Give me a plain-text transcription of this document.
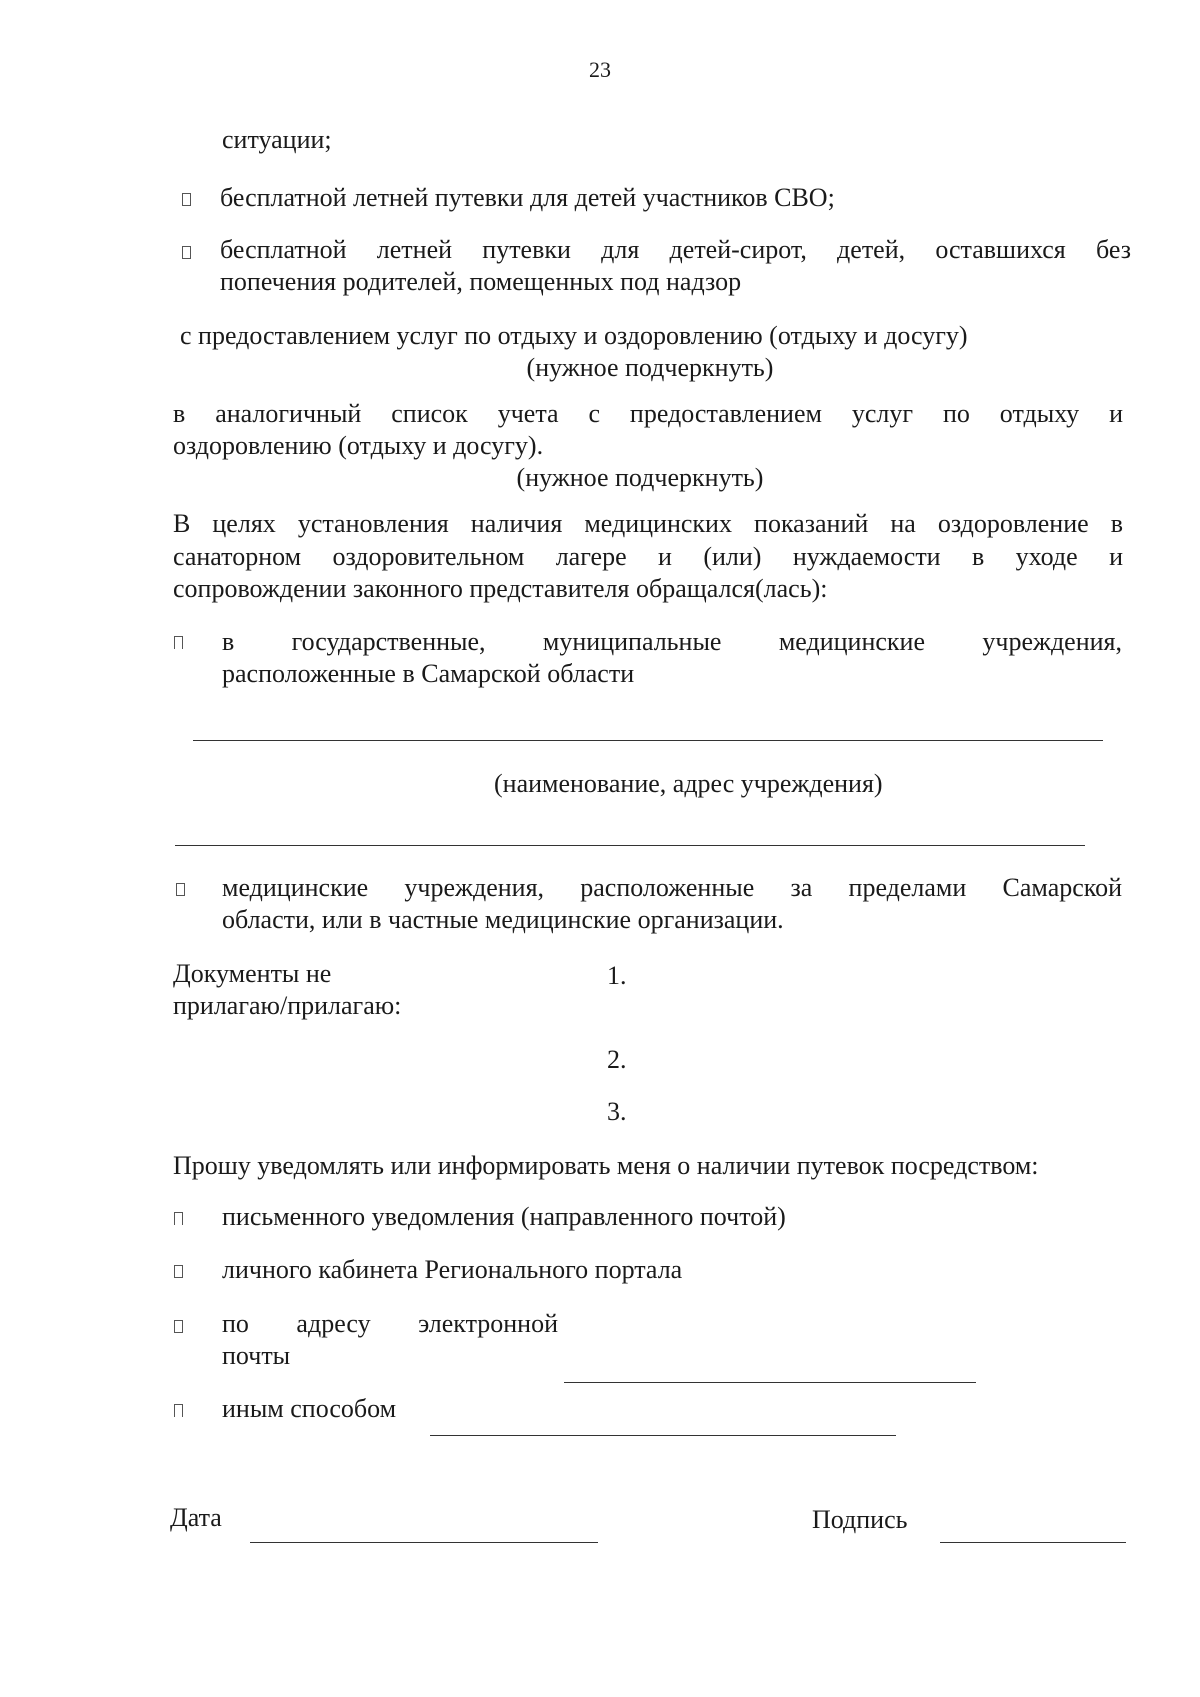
23
ситуации;
бесплатной летней путевки для детей участников СВО;
бесплатной летней путевки для детей-сирот, детей, оставшихся без
попечения родителей, помещенных под надзор
с предоставлением услуг по отдыху и оздоровлению (отдыху и досугу)
(нужное подчеркнуть)
в аналогичный список учета с предоставлением услуг по отдыху и
оздоровлению (отдыху и досугу).
(нужное подчеркнуть)
В целях установления наличия медицинских показаний на оздоровление в
санаторном оздоровительном лагере и (или) нуждаемости в уходе и
сопровождении законного представителя обращался(лась):
в государственные, муниципальные медицинские учреждения,
расположенные в Самарской области
(наименование, адрес учреждения)
медицинские учреждения, расположенные за пределами Самарской
области, или в частные медицинские организации.
Документы не
прилагаю/прилагаю:
1.
2.
3.
Прошу уведомлять или информировать меня о наличии путевок посредством:
письменного уведомления (направленного почтой)
личного кабинета Регионального портала
по адресу электронной
почты
иным способом
Дата	Подпись
